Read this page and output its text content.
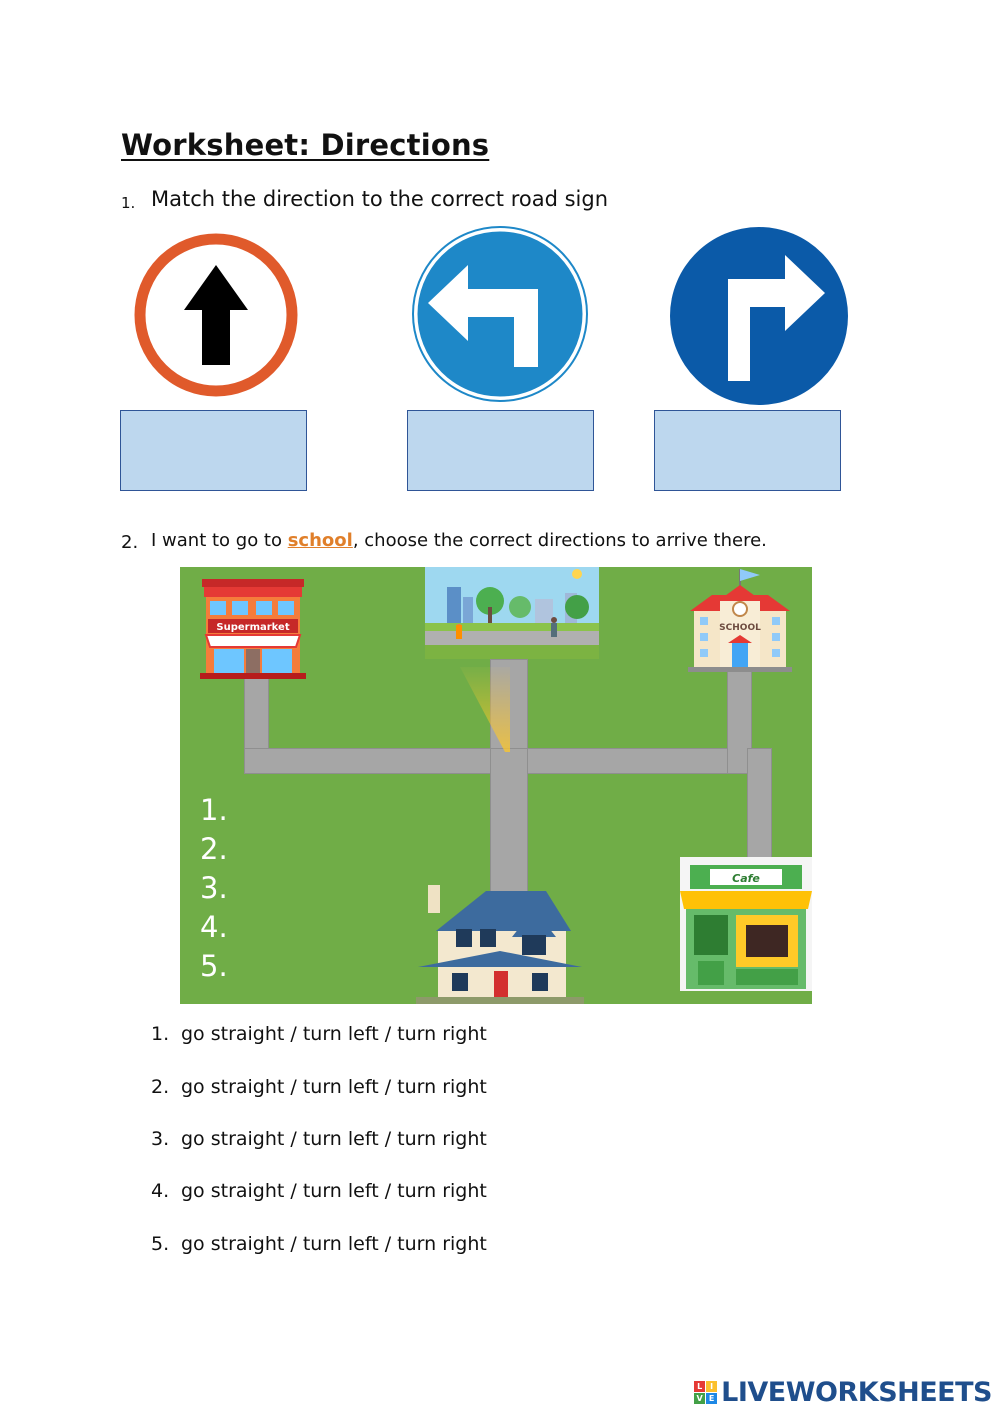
Worksheet: Directions
1. Match the direction to the correct road sign
2. I want to go to school, choose the correct directions to arrive there.
Supermarket	SCHOOL
Cafe
1.
2.
3.
4.
5.
1. go straight / turn left / turn right
2. go straight / turn left / turn right
3. go straight / turn left / turn right
4. go straight / turn left / turn right
5. go straight / turn left / turn right
L I
V E LIVEWORKSHEETS
